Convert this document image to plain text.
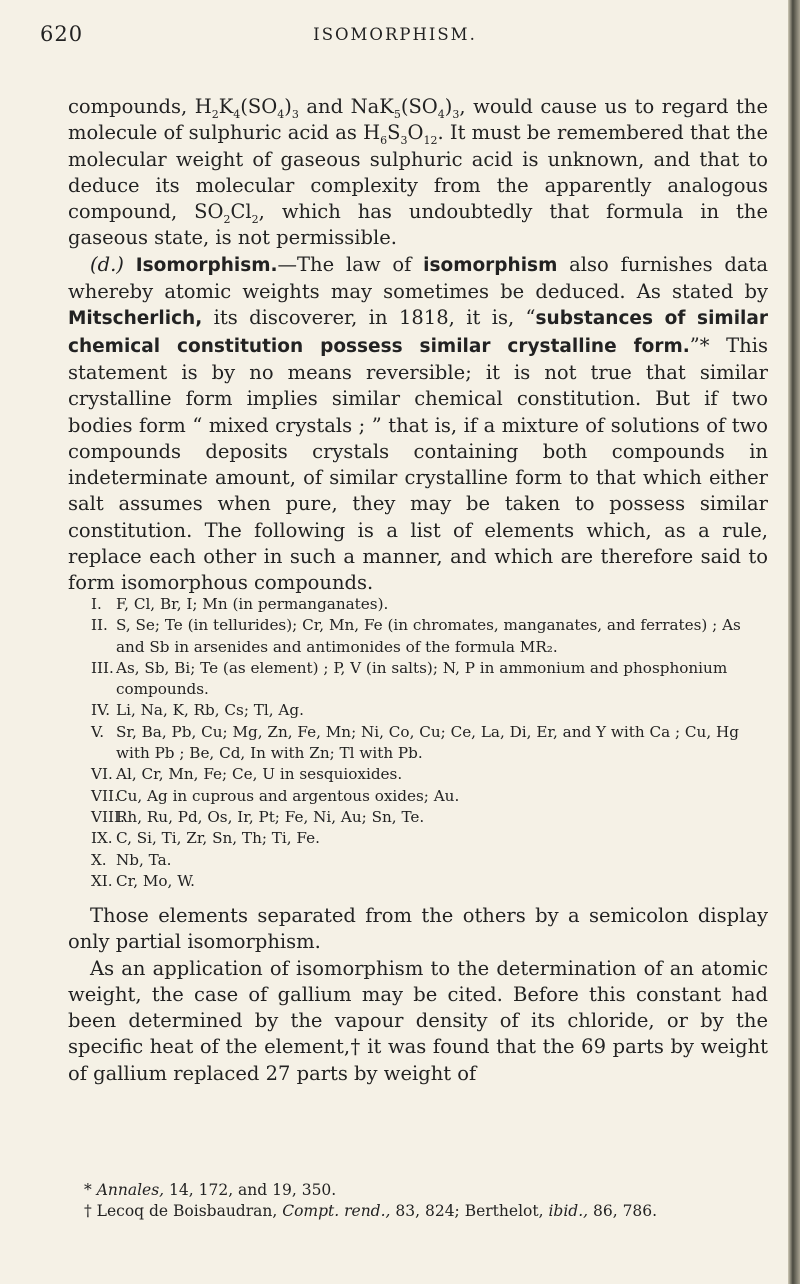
620	ISOMORPHISM.

compounds, $H_2K_4(SO_4)_3$ and $NaK_5(SO_4)_3$, would cause us to regard the molecule of sulphuric acid as $H_6S_3O_{12}$. It must be remembered that the molecular weight of gaseous sulphuric acid is unknown, and that to deduce its molecular complexity from the apparently analogous compound, $SO_2Cl_2$, which has undoubtedly that formula in the gaseous state, is not permissible.

(d.) Isomorphism.—The law of isomorphism also furnishes data whereby atomic weights may sometimes be deduced. As stated by Mitscherlich, its discoverer, in 1818, it is, “substances of similar chemical constitution possess similar crystalline form.”* This statement is by no means reversible; it is not true that similar crystalline form implies similar chemical constitution. But if two bodies form “ mixed crystals ; ” that is, if a mixture of solutions of two compounds deposits crystals containing both compounds in indeterminate amount, of similar crystalline form to that which either salt assumes when pure, they may be taken to possess similar constitution. The following is a list of elements which, as a rule, replace each other in such a manner, and which are therefore said to form isomorphous compounds.

I. F, Cl, Br, I; Mn (in permanganates).
II. S, Se; Te (in tellurides); Cr, Mn, Fe (in chromates, manganates, and ferrates) ; As and Sb in arsenides and antimonides of the formula MR₂.
III. As, Sb, Bi; Te (as element) ; P, V (in salts); N, P in ammonium and phosphonium compounds.
IV. Li, Na, K, Rb, Cs; Tl, Ag.
V. Sr, Ba, Pb, Cu; Mg, Zn, Fe, Mn; Ni, Co, Cu; Ce, La, Di, Er, and Y with Ca ; Cu, Hg with Pb ; Be, Cd, In with Zn; Tl with Pb.
VI. Al, Cr, Mn, Fe; Ce, U in sesquioxides.
VII.Cu, Ag in cuprous and argentous oxides; Au.
VIII.Rh, Ru, Pd, Os, Ir, Pt; Fe, Ni, Au; Sn, Te.
IX. C, Si, Ti, Zr, Sn, Th; Ti, Fe.
X. Nb, Ta.
XI. Cr, Mo, W.

Those elements separated from the others by a semicolon display only partial isomorphism.

As an application of isomorphism to the determination of an atomic weight, the case of gallium may be cited. Before this constant had been determined by the vapour density of its chloride, or by the specific heat of the element,† it was found that the 69 parts by weight of gallium replaced 27 parts by weight of

* Annales, 14, 172, and 19, 350.

† Lecoq de Boisbaudran, Compt. rend., 83, 824; Berthelot, ibid., 86, 786.
